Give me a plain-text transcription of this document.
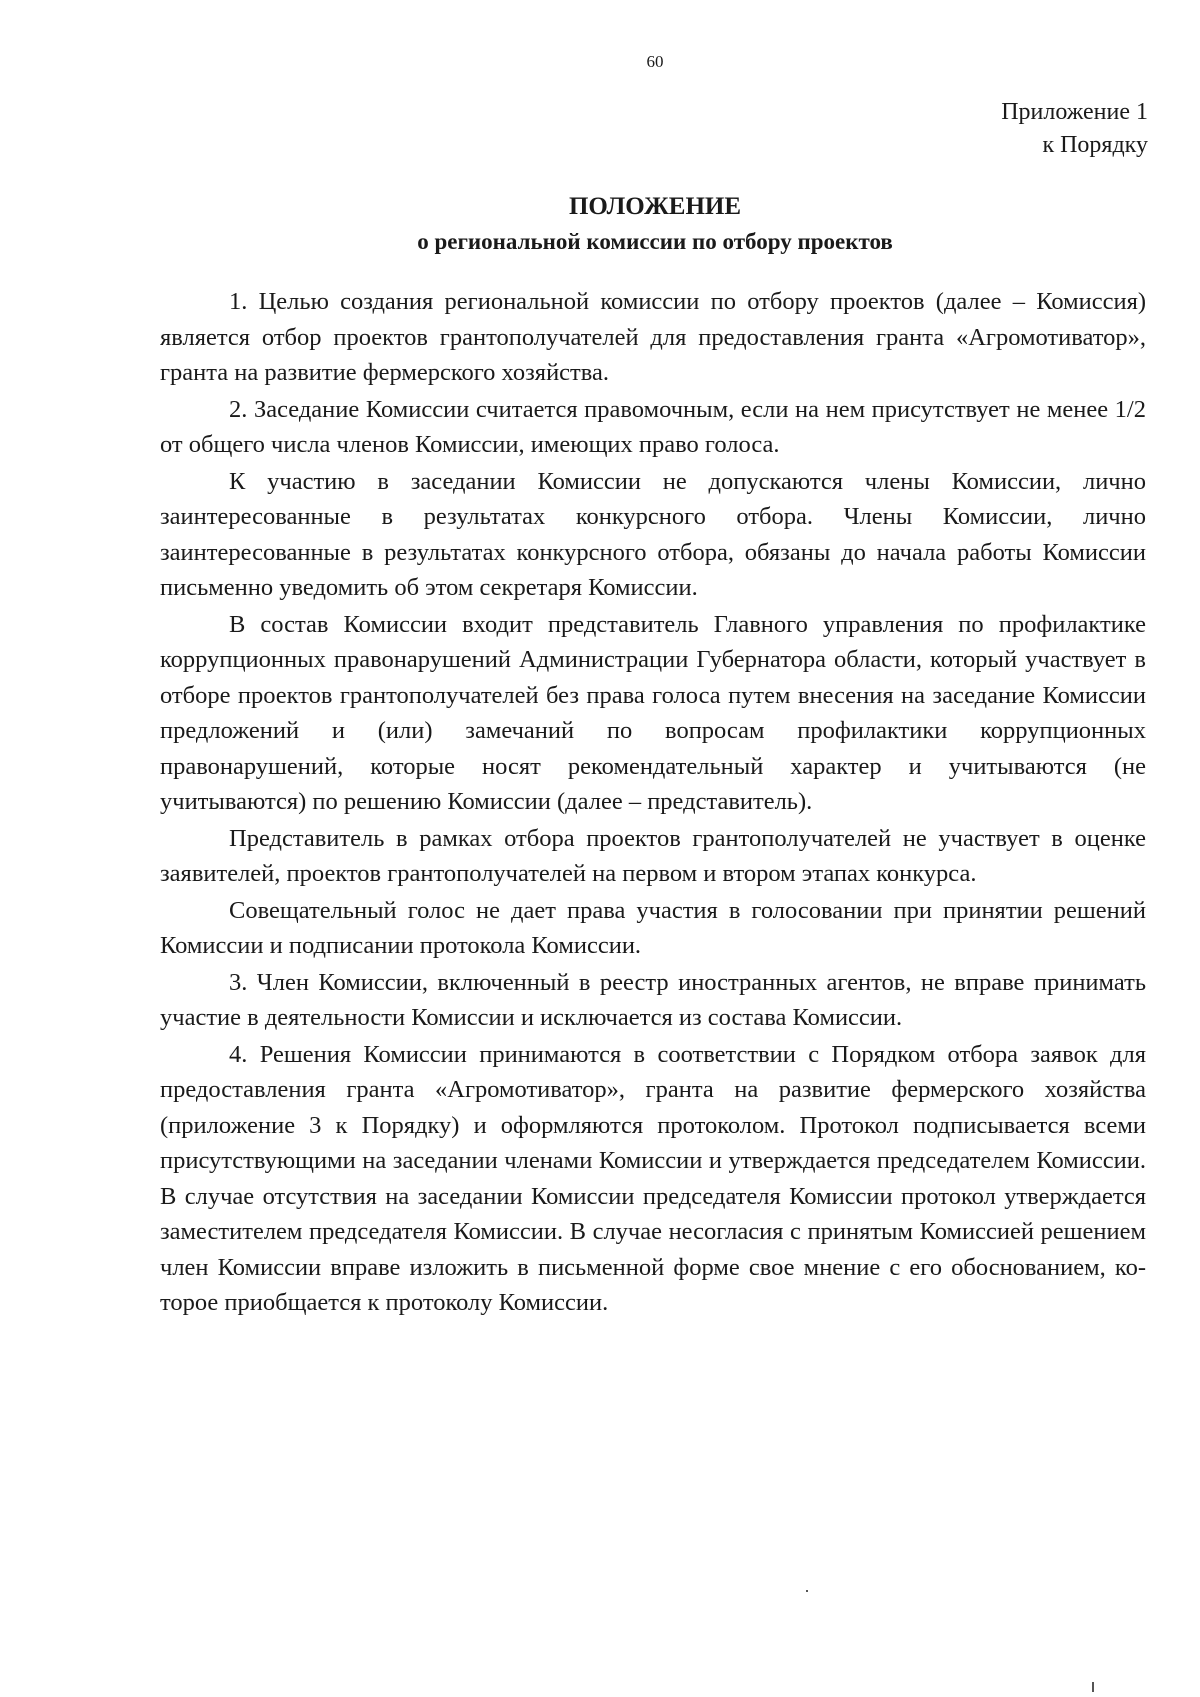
60
Приложение 1
к Порядку
ПОЛОЖЕНИЕ
о региональной комиссии по отбору проектов

1. Целью создания региональной комиссии по отбору проектов (далее – Комиссия) является отбор проектов грантополучателей для предоставления гранта «Агромотиватор», гранта на развитие фермерского хозяйства.

2. Заседание Комиссии считается правомочным, если на нем присутствует не менее 1/2 от общего числа членов Комиссии, имеющих право голоса.

К участию в заседании Комиссии не допускаются члены Комиссии, лично заинтересованные в результатах конкурсного отбора. Члены Комиссии, лично заинтересованные в результатах конкурсного отбора, обязаны до начала работы Комиссии письменно уведомить об этом секретаря Комиссии.

В состав Комиссии входит представитель Главного управления по профилактике коррупционных правонарушений Администрации Губернатора области, который участвует в отборе проектов грантополучателей без права голоса путем внесения на заседание Комиссии предложений и (или) замечаний по вопросам профилактики коррупционных правонарушений, которые носят рекомендательный характер и учитываются (не учитываются) по решению Комиссии (далее – представитель).

Представитель в рамках отбора проектов грантополучателей не участвует в оценке заявителей, проектов грантополучателей на первом и втором этапах конкурса.

Совещательный голос не дает права участия в голосовании при принятии решений Комиссии и подписании протокола Комиссии.

3. Член Комиссии, включенный в реестр иностранных агентов, не вправе принимать участие в деятельности Комиссии и исключается из состава Комиссии.

4. Решения Комиссии принимаются в соответствии с Порядком отбора заявок для предоставления гранта «Агромотиватор», гранта на развитие фермерского хозяйства (приложение 3 к Порядку) и оформляются протоколом. Протокол подписывается всеми присутствующими на заседании членами Комиссии и утверждается председателем Комиссии. В случае отсутствия на заседании Комиссии председателя Комиссии протокол утверждается заместителем председателя Комиссии. В случае несогласия с принятым Комиссией решением член Комиссии вправе изложить в письменной форме свое мнение с его обоснованием, которое приобщается к протоколу Комиссии.
